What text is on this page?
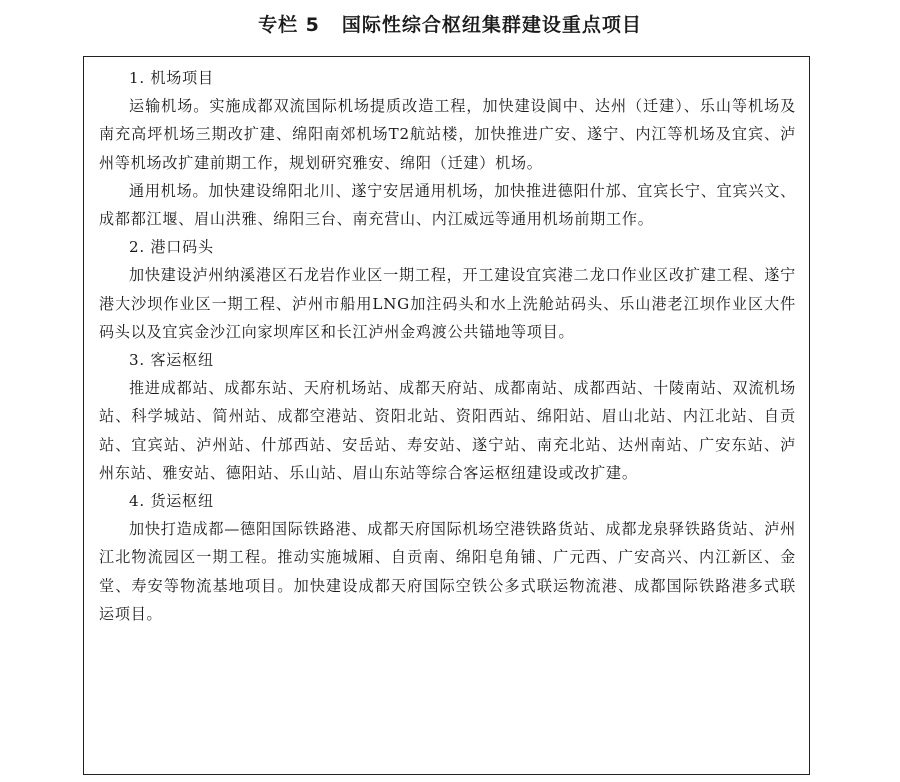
专栏 5 国际性综合枢纽集群建设重点项目

1. 机场项目

运输机场。实施成都双流国际机场提质改造工程，加快建设阆中、达州（迁建）、乐山等机场及南充高坪机场三期改扩建、绵阳南郊机场T2航站楼，加快推进广安、遂宁、内江等机场及宜宾、泸州等机场改扩建前期工作，规划研究雅安、绵阳（迁建）机场。

通用机场。加快建设绵阳北川、遂宁安居通用机场，加快推进德阳什邡、宜宾长宁、宜宾兴文、成都都江堰、眉山洪雅、绵阳三台、南充营山、内江威远等通用机场前期工作。

2. 港口码头

加快建设泸州纳溪港区石龙岩作业区一期工程，开工建设宜宾港二龙口作业区改扩建工程、遂宁港大沙坝作业区一期工程、泸州市船用LNG加注码头和水上洗舱站码头、乐山港老江坝作业区大件码头以及宜宾金沙江向家坝库区和长江泸州金鸡渡公共锚地等项目。

3. 客运枢纽

推进成都站、成都东站、天府机场站、成都天府站、成都南站、成都西站、十陵南站、双流机场站、科学城站、简州站、成都空港站、资阳北站、资阳西站、绵阳站、眉山北站、内江北站、自贡站、宜宾站、泸州站、什邡西站、安岳站、寿安站、遂宁站、南充北站、达州南站、广安东站、泸州东站、雅安站、德阳站、乐山站、眉山东站等综合客运枢纽建设或改扩建。

4. 货运枢纽

加快打造成都—德阳国际铁路港、成都天府国际机场空港铁路货站、成都龙泉驿铁路货站、泸州江北物流园区一期工程。推动实施城厢、自贡南、绵阳皂角铺、广元西、广安高兴、内江新区、金堂、寿安等物流基地项目。加快建设成都天府国际空铁公多式联运物流港、成都国际铁路港多式联运项目。
